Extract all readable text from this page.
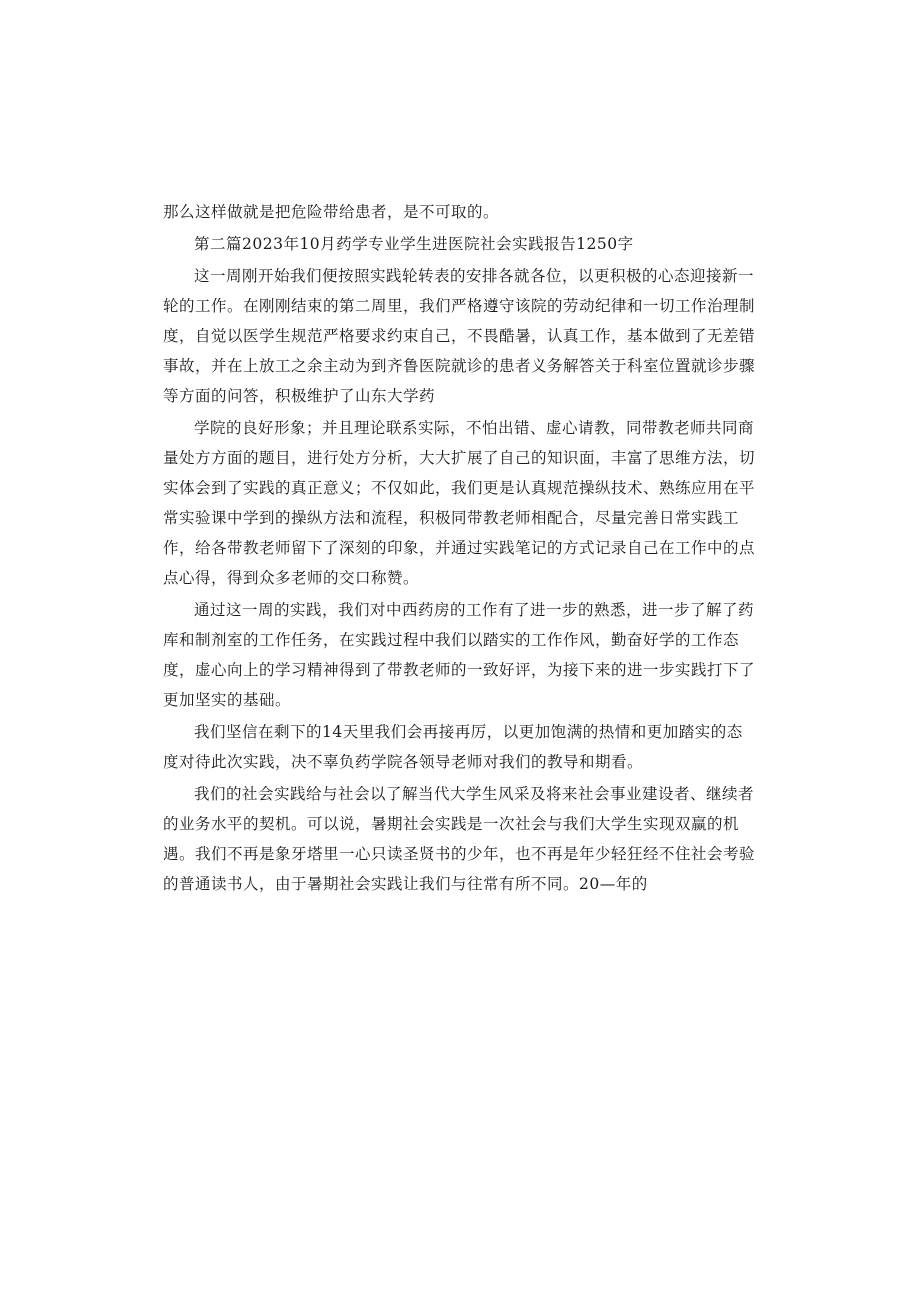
那么这样做就是把危险带给患者，是不可取的。

第二篇2023年10月药学专业学生进医院社会实践报告1250字

这一周刚开始我们便按照实践轮转表的安排各就各位，以更积极的心态迎接新一轮的工作。在刚刚结束的第二周里，我们严格遵守该院的劳动纪律和一切工作治理制度，自觉以医学生规范严格要求约束自己，不畏酷暑，认真工作，基本做到了无差错事故，并在上放工之余主动为到齐鲁医院就诊的患者义务解答关于科室位置就诊步骤等方面的问答，积极维护了山东大学药

学院的良好形象；并且理论联系实际，不怕出错、虚心请教，同带教老师共同商量处方方面的题目，进行处方分析，大大扩展了自己的知识面，丰富了思维方法，切实体会到了实践的真正意义；不仅如此，我们更是认真规范操纵技术、熟练应用在平常实验课中学到的操纵方法和流程，积极同带教老师相配合，尽量完善日常实践工作，给各带教老师留下了深刻的印象，并通过实践笔记的方式记录自己在工作中的点点心得，得到众多老师的交口称赞。

通过这一周的实践，我们对中西药房的工作有了进一步的熟悉，进一步了解了药库和制剂室的工作任务，在实践过程中我们以踏实的工作作风，勤奋好学的工作态度，虚心向上的学习精神得到了带教老师的一致好评，为接下来的进一步实践打下了更加坚实的基础。

我们坚信在剩下的14天里我们会再接再厉，以更加饱满的热情和更加踏实的态度对待此次实践，决不辜负药学院各领导老师对我们的教导和期看。

我们的社会实践给与社会以了解当代大学生风采及将来社会事业建设者、继续者的业务水平的契机。可以说，暑期社会实践是一次社会与我们大学生实现双赢的机遇。我们不再是象牙塔里一心只读圣贤书的少年，也不再是年少轻狂经不住社会考验的普通读书人，由于暑期社会实践让我们与往常有所不同。20—年的
